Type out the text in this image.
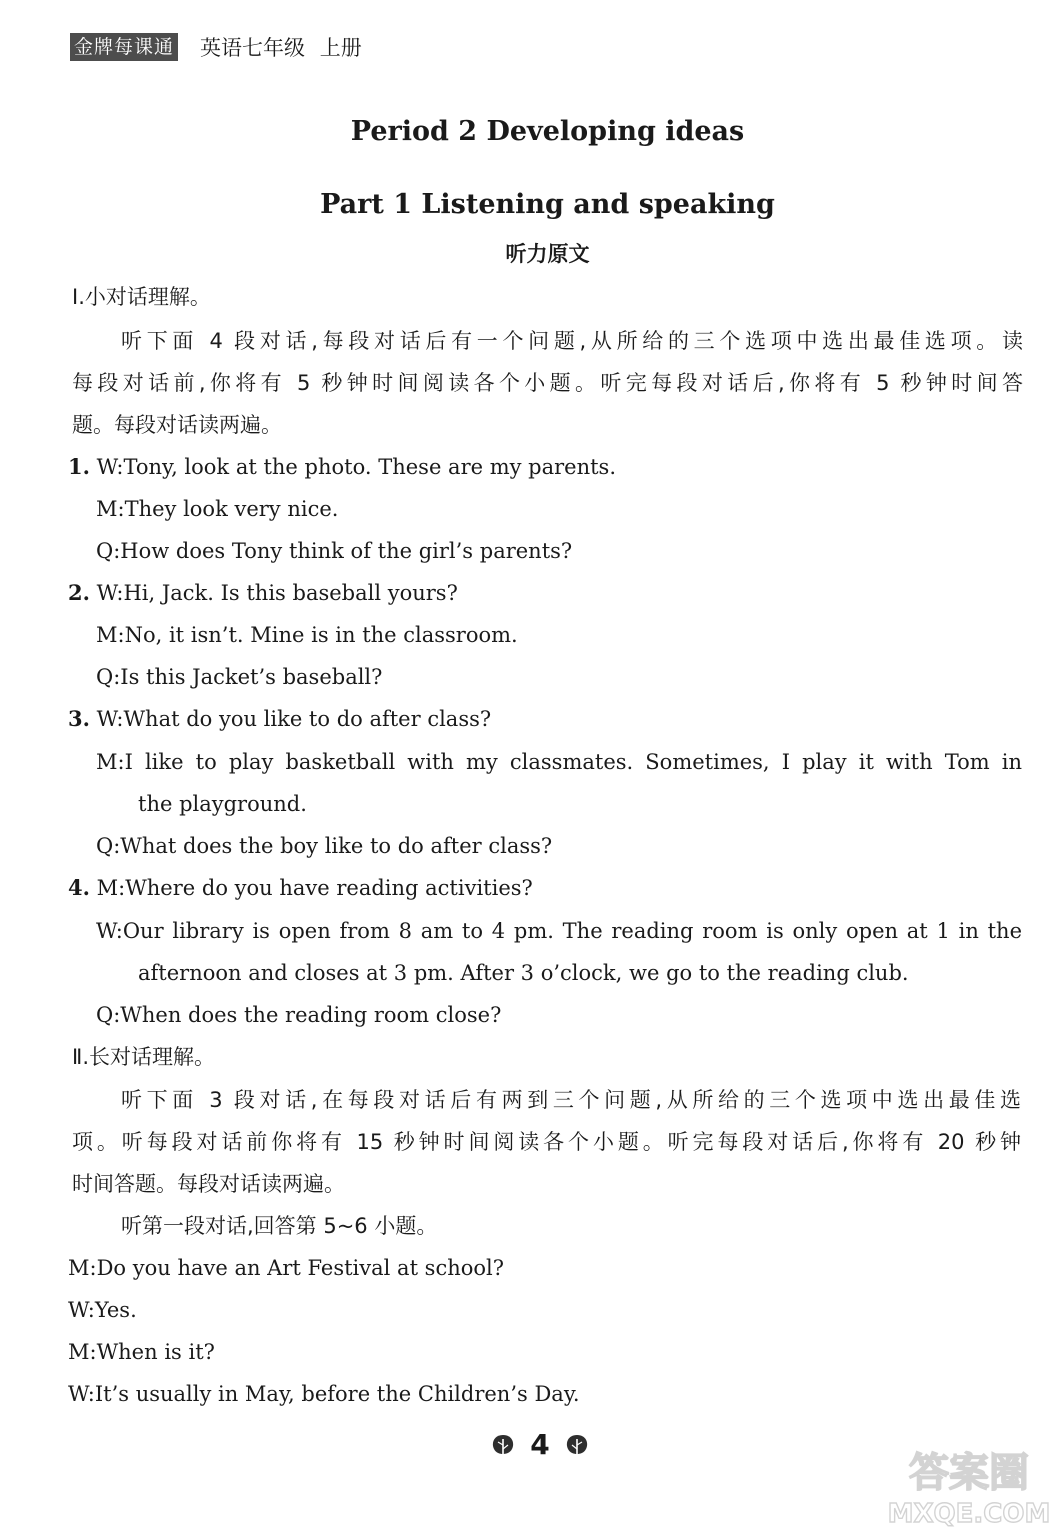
金牌每课通 英语七年级 上册
Period 2 Developing ideas
Part 1 Listening and speaking
听力原文
Ⅰ.小对话理解。
听下面 4 段对话,每段对话后有一个问题,从所给的三个选项中选出最佳选项。读
每段对话前,你将有 5 秒钟时间阅读各个小题。听完每段对话后,你将有 5 秒钟时间答
题。每段对话读两遍。
1. W:Tony, look at the photo. These are my parents.
M:They look very nice.
Q:How does Tony think of the girl’s parents?
2. W:Hi, Jack. Is this baseball yours?
M:No, it isn’t. Mine is in the classroom.
Q:Is this Jacket’s baseball?
3. W:What do you like to do after class?
M:I like to play basketball with my classmates. Sometimes, I play it with Tom in
the playground.
Q:What does the boy like to do after class?
4. M:Where do you have reading activities?
W:Our library is open from 8 am to 4 pm. The reading room is only open at 1 in the
afternoon and closes at 3 pm. After 3 o’clock, we go to the reading club.
Q:When does the reading room close?
Ⅱ.长对话理解。
听下面 3 段对话,在每段对话后有两到三个问题,从所给的三个选项中选出最佳选
项。听每段对话前你将有 15 秒钟时间阅读各个小题。听完每段对话后,你将有 20 秒钟
时间答题。每段对话读两遍。
听第一段对话,回答第 5~6 小题。
M:Do you have an Art Festival at school?
W:Yes.
M:When is it?
W:It’s usually in May, before the Children’s Day.
4
答案圈
MXQE.COM
